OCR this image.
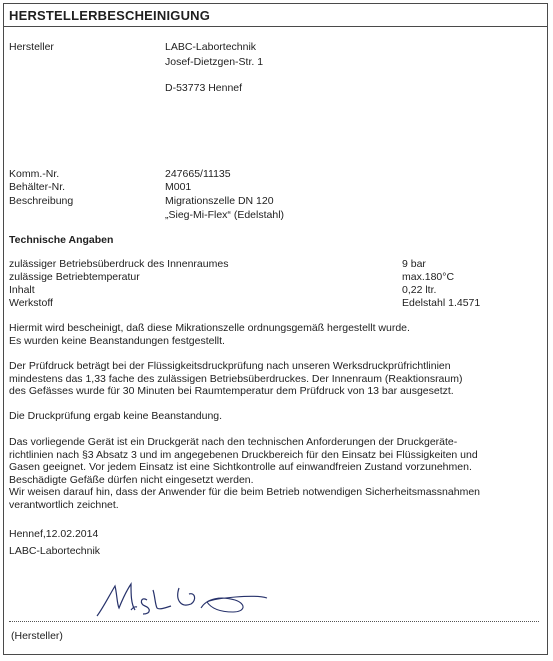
HERSTELLERBESCHEINIGUNG
Hersteller	LABC-Labortechnik
Josef-Dietzgen-Str. 1
D-53773 Hennef
Komm.-Nr.	247665/11135
Behälter-Nr.	M001
Beschreibung	Migrationszelle DN 120
„Sieg-Mi-Flex“ (Edelstahl)
Technische Angaben
zulässiger Betriebsüberdruck des Innenraumes	9 bar
zulässige Betriebtemperatur	max.180°C
Inhalt	0,22 ltr.
Werkstoff	Edelstahl 1.4571
Hiermit wird bescheinigt, daß diese Mikrationszelle ordnungsgemäß hergestellt wurde.
Es wurden keine Beanstandungen festgestellt.
Der Prüfdruck beträgt bei der Flüssigkeitsdruckprüfung nach unseren Werksdruckprüfrichtlinien
mindestens das 1,33 fache des zulässigen Betriebsüberdruckes. Der Innenraum (Reaktionsraum)
des Gefässes wurde für 30 Minuten bei Raumtemperatur dem Prüfdruck von 13 bar ausgesetzt.
Die Druckprüfung ergab keine Beanstandung.
Das vorliegende Gerät ist ein Druckgerät nach den technischen Anforderungen der Druckgeräte-
richtlinien nach §3 Absatz 3 und im angegebenen Druckbereich für den Einsatz bei Flüssigkeiten und
Gasen geeignet. Vor jedem Einsatz ist eine Sichtkontrolle auf einwandfreien Zustand vorzunehmen.
Beschädigte Gefäße dürfen nicht eingesetzt werden.
Wir weisen darauf hin, dass der Anwender für die beim Betrieb notwendigen Sicherheitsmassnahmen
verantwortlich zeichnet.
Hennef,12.02.2014
LABC-Labortechnik
(Hersteller)
